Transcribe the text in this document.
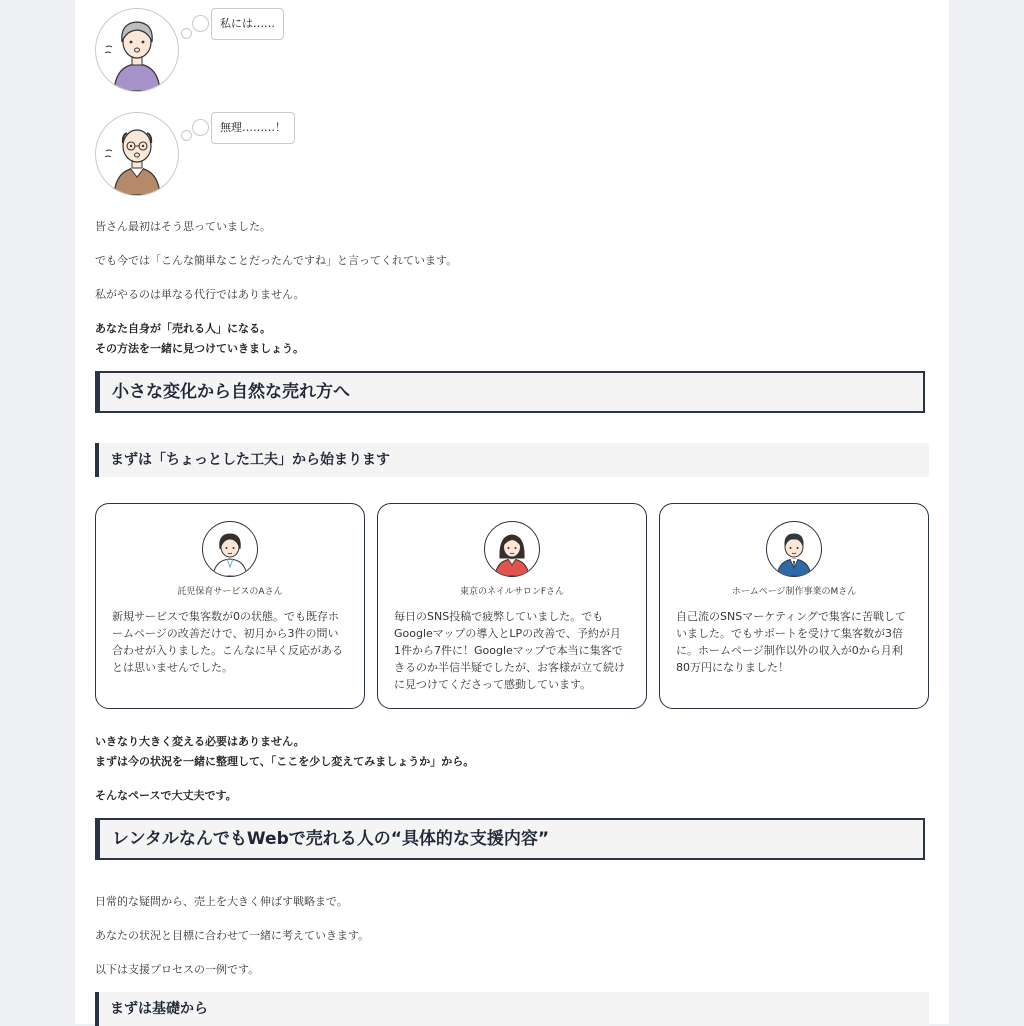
私には……
無理………！
皆さん最初はそう思っていました。
でも今では「こんな簡単なことだったんですね」と言ってくれています。
私がやるのは単なる代行ではありません。
あなた自身が「売れる人」になる。
その方法を一緒に見つけていきましょう。
小さな変化から自然な売れ方へ
まずは「ちょっとした工夫」から始まります
託児保育サービスのAさん
新規サービスで集客数が0の状態。でも既存ホ
ームページの改善だけで、初月から3件の問い
合わせが入りました。こんなに早く反応がある
とは思いませんでした。
東京のネイルサロンFさん
毎日のSNS投稿で疲弊していました。でも
Googleマップの導入とLPの改善で、予約が月
1件から7件に！Googleマップで本当に集客で
きるのか半信半疑でしたが、お客様が立て続け
に見つけてくださって感動しています。
ホームページ制作事業のMさん
自己流のSNSマーケティングで集客に苦戦して
いました。でもサポートを受けて集客数が3倍
に。ホームページ制作以外の収入が0から月利
80万円になりました！
いきなり大きく変える必要はありません。
まずは今の状況を一緒に整理して、「ここを少し変えてみましょうか」から。
そんなペースで大丈夫です。
レンタルなんでもWebで売れる人の“具体的な支援内容”
日常的な疑問から、売上を大きく伸ばす戦略まで。
あなたの状況と目標に合わせて一緒に考えていきます。
以下は支援プロセスの一例です。
まずは基礎から
